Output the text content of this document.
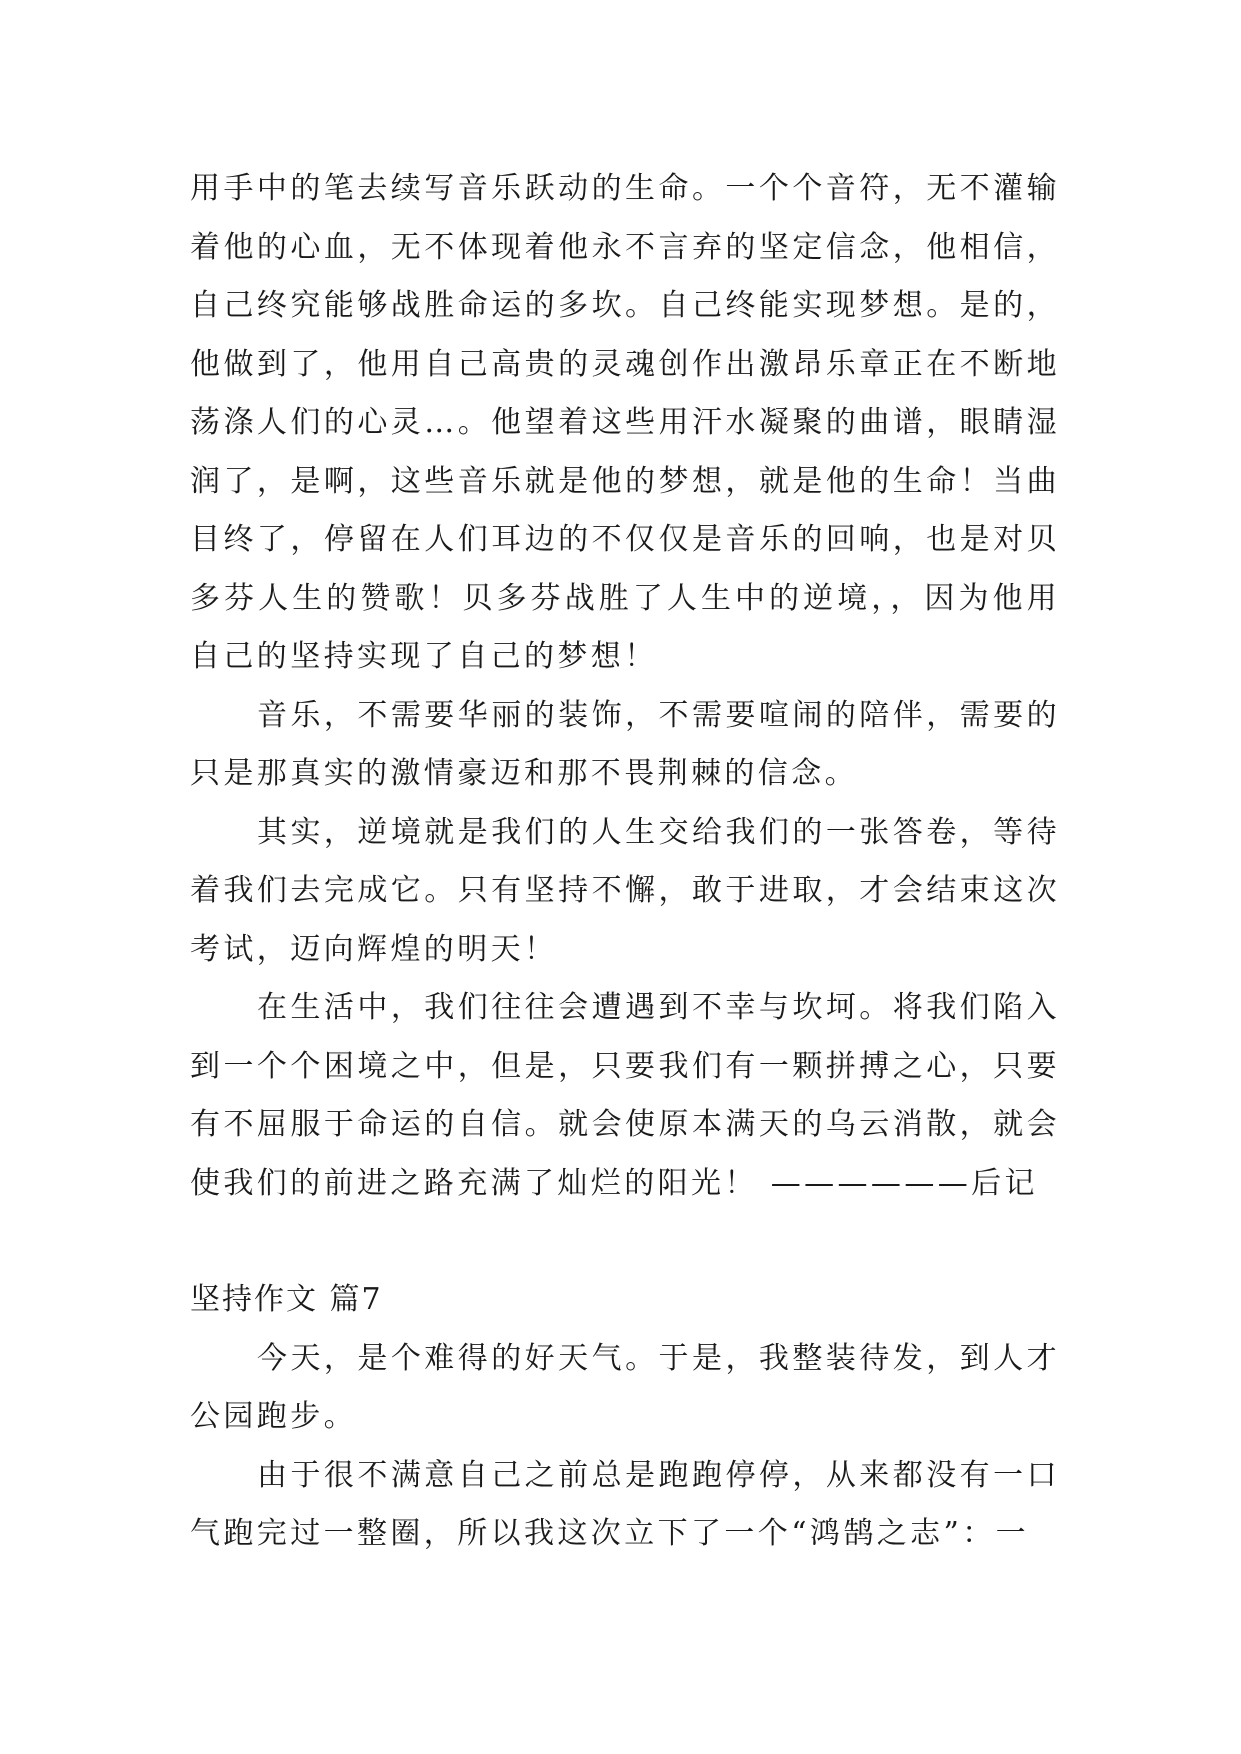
用手中的笔去续写音乐跃动的生命。一个个音符，无不灌输着他的心血，无不体现着他永不言弃的坚定信念，他相信，自己终究能够战胜命运的多坎。自己终能实现梦想。是的，他做到了，他用自己高贵的灵魂创作出激昂乐章正在不断地荡涤人们的心灵…。他望着这些用汗水凝聚的曲谱，眼睛湿润了，是啊，这些音乐就是他的梦想，就是他的生命！当曲目终了，停留在人们耳边的不仅仅是音乐的回响，也是对贝多芬人生的赞歌！贝多芬战胜了人生中的逆境，，因为他用自己的坚持实现了自己的梦想！

音乐，不需要华丽的装饰，不需要喧闹的陪伴，需要的只是那真实的激情豪迈和那不畏荆棘的信念。

其实，逆境就是我们的人生交给我们的一张答卷，等待着我们去完成它。只有坚持不懈，敢于进取，才会结束这次考试，迈向辉煌的明天！

在生活中，我们往往会遭遇到不幸与坎坷。将我们陷入到一个个困境之中，但是，只要我们有一颗拼搏之心，只要有不屈服于命运的自信。就会使原本满天的乌云消散，就会使我们的前进之路充满了灿烂的阳光！ ——————后记

坚持作文 篇7

今天，是个难得的好天气。于是，我整装待发，到人才公园跑步。

由于很不满意自己之前总是跑跑停停，从来都没有一口气跑完过一整圈，所以我这次立下了一个“鸿鹄之志”：一
